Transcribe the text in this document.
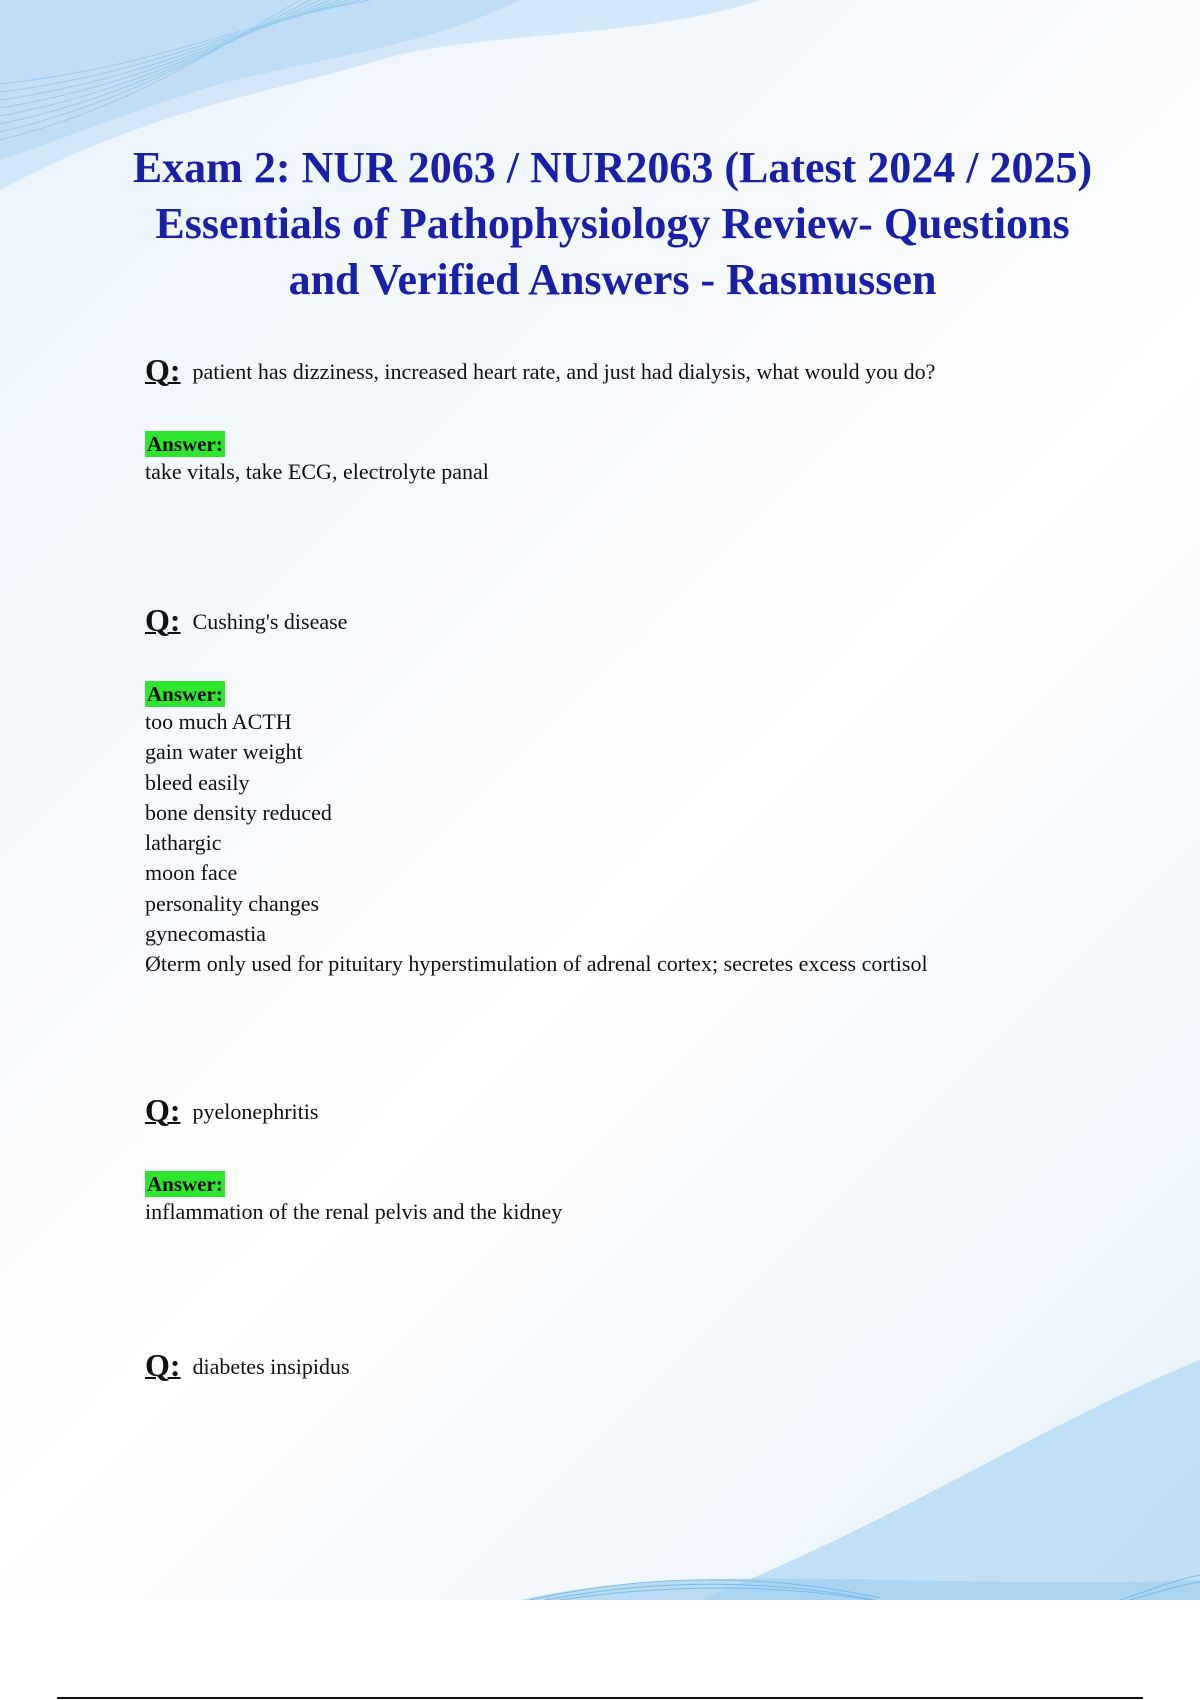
Exam 2: NUR 2063 / NUR2063 (Latest 2024 / 2025) Essentials of Pathophysiology Review- Questions and Verified Answers - Rasmussen
Q: patient has dizziness, increased heart rate, and just had dialysis, what would you do?
Answer:
take vitals, take ECG, electrolyte panal
Q: Cushing's disease
Answer:
too much ACTH
gain water weight
bleed easily
bone density reduced
lathargic
moon face
personality changes
gynecomastia
Øterm only used for pituitary hyperstimulation of adrenal cortex; secretes excess cortisol
Q: pyelonephritis
Answer:
inflammation of the renal pelvis and the kidney
Q: diabetes insipidus
